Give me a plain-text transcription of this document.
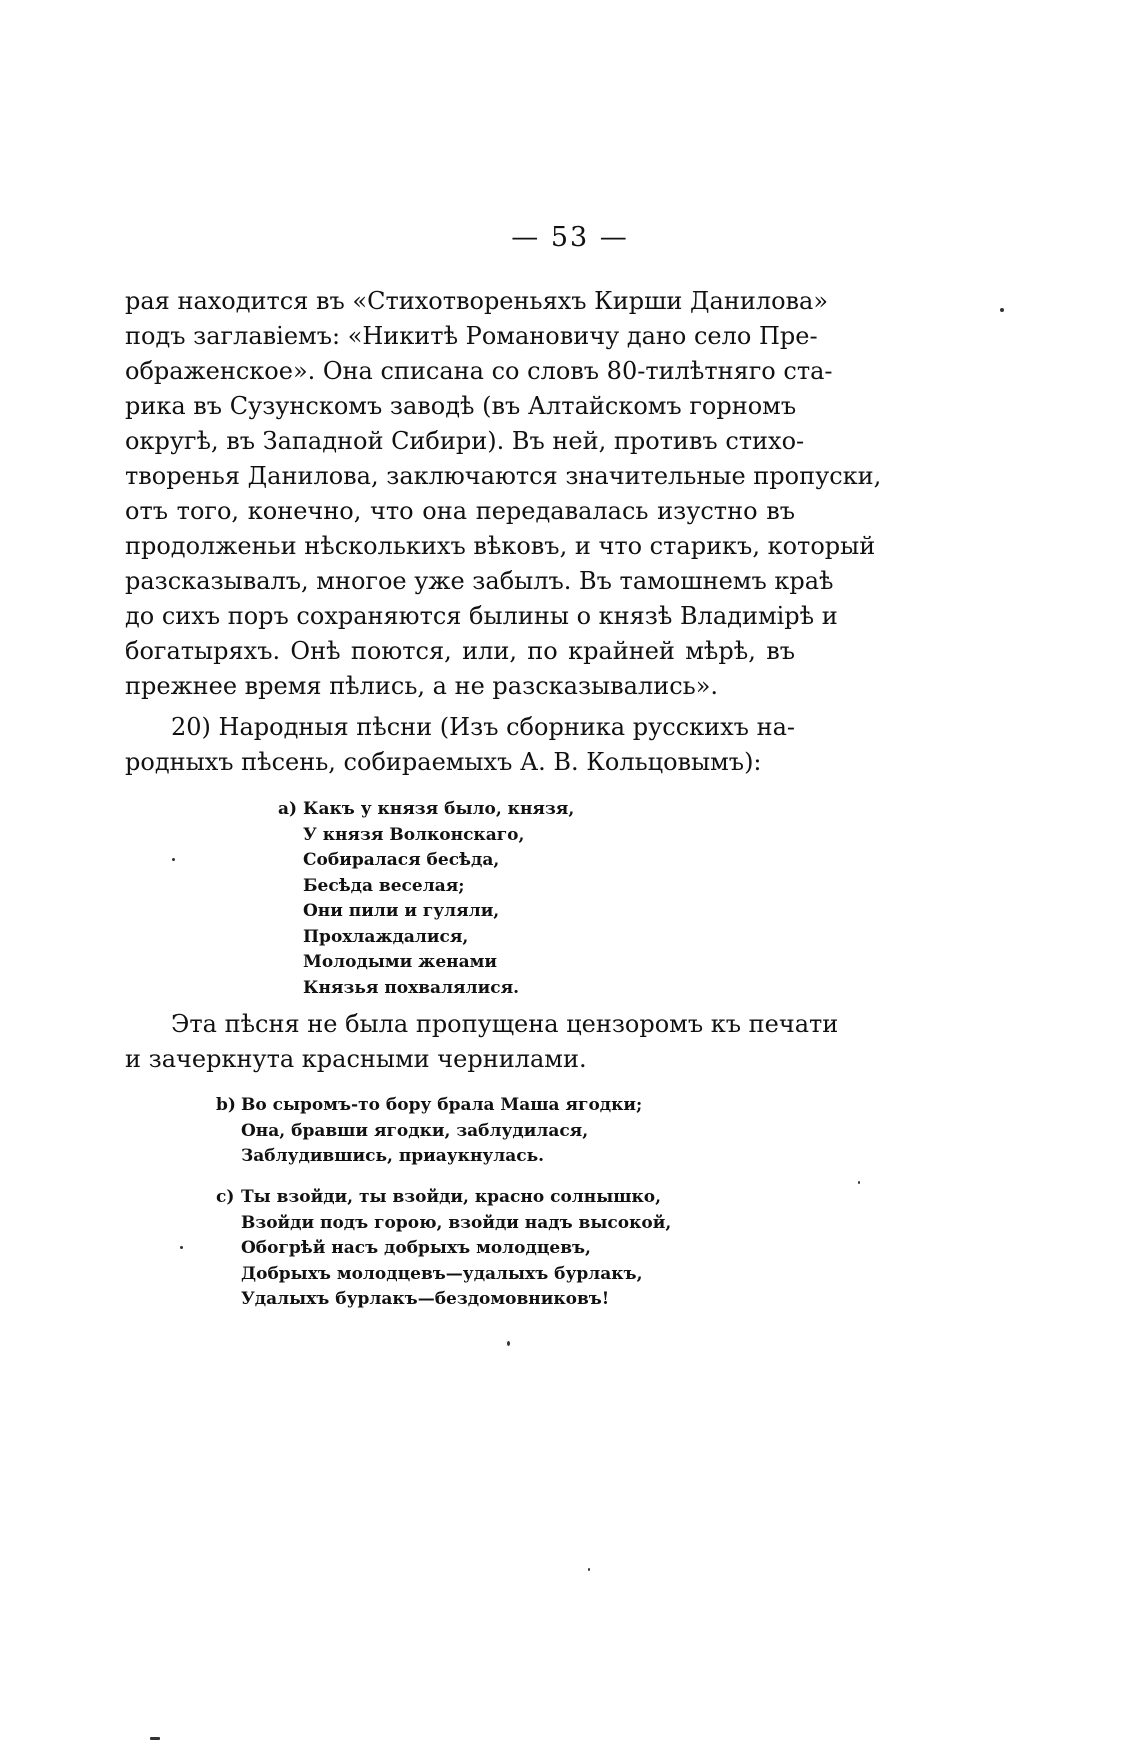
— 53 —
рая находится въ «Стихотвореньяхъ Кирши Данилова»
подъ заглавіемъ: «Никитѣ Романовичу дано село Пре-
ображенское». Она списана со словъ 80-тилѣтняго ста-
рика въ Сузунскомъ заводѣ (въ Алтайскомъ горномъ
округѣ, въ Западной Сибири). Въ ней, противъ стихо-
творенья Данилова, заключаются значительные пропуски,
отъ того, конечно, что она передавалась изустно въ
продолженьи нѣсколькихъ вѣковъ, и что старикъ, который
разсказывалъ, многое уже забылъ. Въ тамошнемъ краѣ
до сихъ поръ сохраняются былины о князѣ Владимірѣ и
богатыряхъ. Онѣ поются, или, по крайней мѣрѣ, въ
прежнее время пѣлись, а не разсказывались».
20) Народныя пѣсни (Изъ сборника русскихъ на-
родныхъ пѣсень, собираемыхъ А. В. Кольцовымъ):
а) Какъ у князя было, князя,
У князя Волконскаго,
Собиралася бесѣда,
Бесѣда веселая;
Они пили и гуляли,
Прохлаждалися,
Молодыми женами
Князья похвалялися.
Эта пѣсня не была пропущена цензоромъ къ печати
и зачеркнута красными чернилами.
b) Во сыромъ-то бору брала Маша ягодки;
Она, бравши ягодки, заблудилася,
Заблудившись, приаукнулась.
с) Ты взойди, ты взойди, красно солнышко,
Взойди подъ горою, взойди надъ высокой,
Обогрѣй насъ добрыхъ молодцевъ,
Добрыхъ молодцевъ—удалыхъ бурлакъ,
Удалыхъ бурлакъ—бездомовниковъ!
